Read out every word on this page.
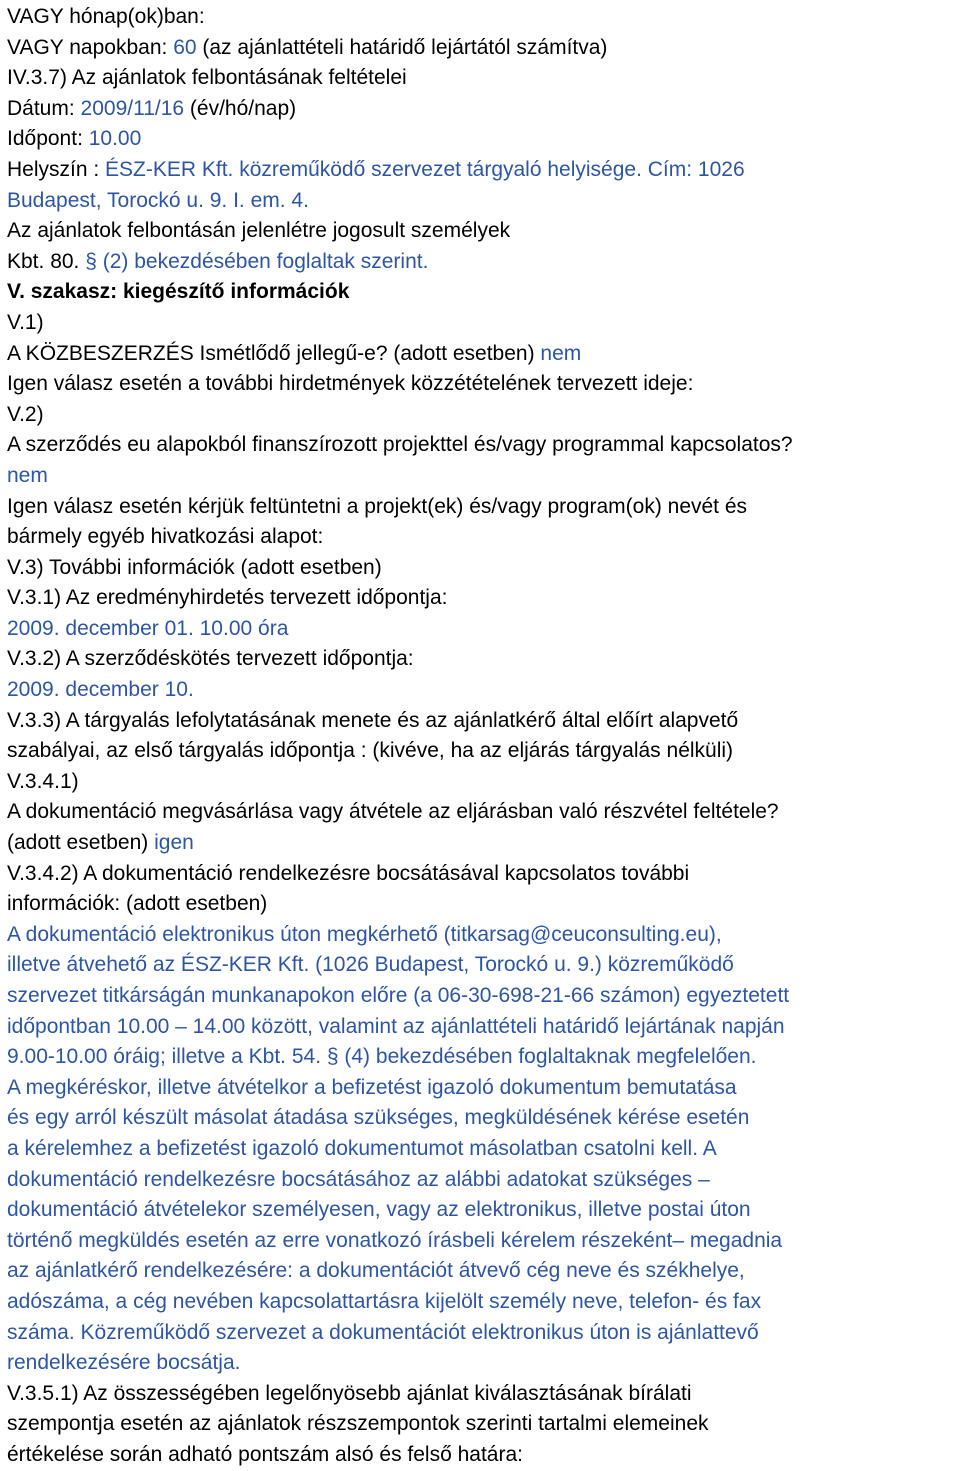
VAGY hónap(ok)ban:
VAGY napokban: 60 (az ajánlattételi határidő lejártától számítva)
IV.3.7) Az ajánlatok felbontásának feltételei
Dátum: 2009/11/16 (év/hó/nap)
Időpont: 10.00
Helyszín : ÉSZ-KER Kft. közreműködő szervezet tárgyaló helyisége. Cím: 1026
Budapest, Torockó u. 9. I. em. 4.
Az ajánlatok felbontásán jelenlétre jogosult személyek
Kbt. 80. § (2) bekezdésében foglaltak szerint.
V. szakasz: kiegészítő információk
V.1)
A KÖZBESZERZÉS Ismétlődő jellegű-e? (adott esetben) nem
Igen válasz esetén a további hirdetmények közzétételének tervezett ideje:
V.2)
A szerződés eu alapokból finanszírozott projekttel és/vagy programmal kapcsolatos?
nem
Igen válasz esetén kérjük feltüntetni a projekt(ek) és/vagy program(ok) nevét és
bármely egyéb hivatkozási alapot:
V.3) További információk (adott esetben)
V.3.1) Az eredményhirdetés tervezett időpontja:
2009. december 01. 10.00 óra
V.3.2) A szerződéskötés tervezett időpontja:
2009. december 10.
V.3.3) A tárgyalás lefolytatásának menete és az ajánlatkérő által előírt alapvető
szabályai, az első tárgyalás időpontja : (kivéve, ha az eljárás tárgyalás nélküli)
V.3.4.1)
A dokumentáció megvásárlása vagy átvétele az eljárásban való részvétel feltétele?
(adott esetben) igen
V.3.4.2) A dokumentáció rendelkezésre bocsátásával kapcsolatos további
információk: (adott esetben)
A dokumentáció elektronikus úton megkérhető (titkarsag@ceuconsulting.eu),
illetve átvehető az ÉSZ-KER Kft. (1026 Budapest, Torockó u. 9.) közreműködő
szervezet titkárságán munkanapokon előre (a 06-30-698-21-66 számon) egyeztetett
időpontban 10.00 – 14.00 között, valamint az ajánlattételi határidő lejártának napján
9.00-10.00 óráig; illetve a Kbt. 54. § (4) bekezdésében foglaltaknak megfelelően.
A megkéréskor, illetve átvételkor a befizetést igazoló dokumentum bemutatása
és egy arról készült másolat átadása szükséges, megküldésének kérése esetén
a kérelemhez a befizetést igazoló dokumentumot másolatban csatolni kell. A
dokumentáció rendelkezésre bocsátásához az alábbi adatokat szükséges –
dokumentáció átvételekor személyesen, vagy az elektronikus, illetve postai úton
történő megküldés esetén az erre vonatkozó írásbeli kérelem részeként– megadnia
az ajánlatkérő rendelkezésére: a dokumentációt átvevő cég neve és székhelye,
adószáma, a cég nevében kapcsolattartásra kijelölt személy neve, telefon- és fax
száma. Közreműködő szervezet a dokumentációt elektronikus úton is ajánlattevő
rendelkezésére bocsátja.
V.3.5.1) Az összességében legelőnyösebb ajánlat kiválasztásának bírálati
szempontja esetén az ajánlatok részszempontok szerinti tartalmi elemeinek
értékelése során adható pontszám alsó és felső határa:
